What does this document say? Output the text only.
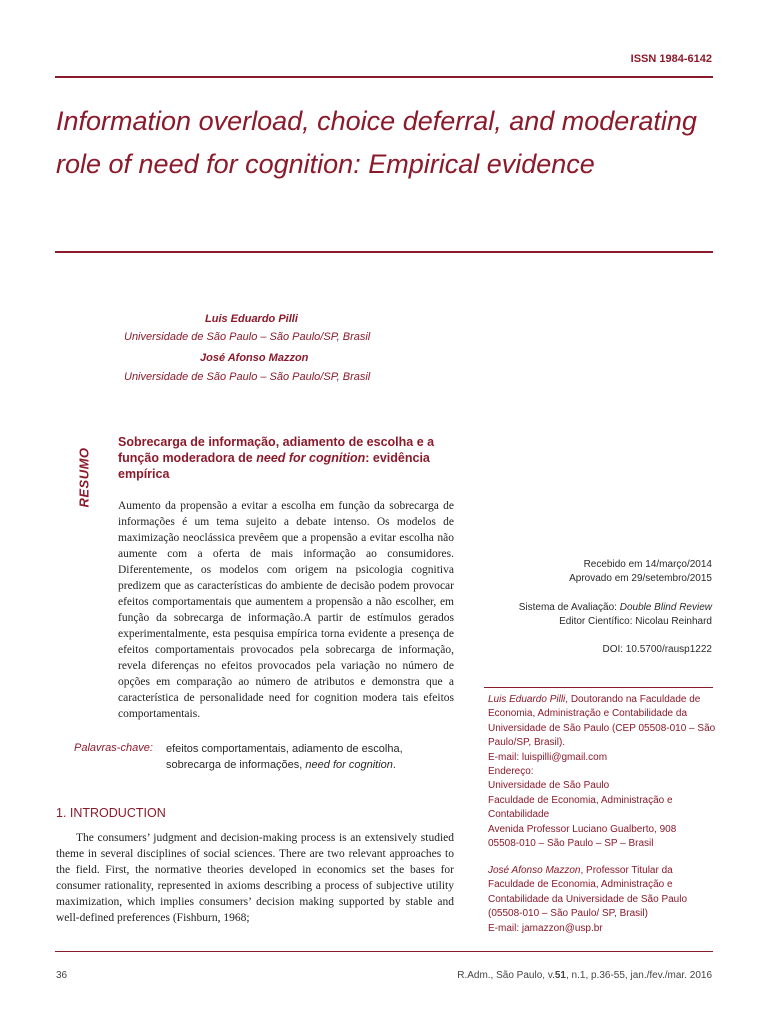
ISSN 1984-6142
Information overload, choice deferral, and moderating role of need for cognition: Empirical evidence
Luis Eduardo Pilli
Universidade de São Paulo – São Paulo/SP, Brasil
José Afonso Mazzon
Universidade de São Paulo – São Paulo/SP, Brasil
RESUMO
Sobrecarga de informação, adiamento de escolha e a função moderadora de need for cognition: evidência empírica
Aumento da propensão a evitar a escolha em função da sobrecarga de informações é um tema sujeito a debate intenso. Os modelos de maximização neoclássica prevêem que a propensão a evitar escolha não aumente com a oferta de mais informação ao consumidores. Diferentemente, os modelos com origem na psicologia cognitiva predizem que as características do ambiente de decisão podem provocar efeitos comportamentais que aumentem a propensão a não escolher, em função da sobrecarga de informação.A partir de estímulos gerados experimentalmente, esta pesquisa empírica torna evidente a presença de efeitos comportamentais provocados pela sobrecarga de informação, revela diferenças no efeitos provocados pela variação no número de opções em comparação ao número de atributos e demonstra que a característica de personalidade need for cognition modera tais efeitos comportamentais.
Palavras-chave: efeitos comportamentais, adiamento de escolha, sobrecarga de informações, need for cognition.
Recebido em 14/março/2014
Aprovado em 29/setembro/2015
Sistema de Avaliação: Double Blind Review
Editor Científico: Nicolau Reinhard
DOI: 10.5700/rausp1222
Luis Eduardo Pilli, Doutorando na Faculdade de Economia, Administração e Contabilidade da Universidade de São Paulo (CEP 05508-010 – São Paulo/SP, Brasil).
E-mail: luispilli@gmail.com
Endereço:
Universidade de São Paulo
Faculdade de Economia, Administração e Contabilidade
Avenida Professor Luciano Gualberto, 908
05508-010 – São Paulo – SP – Brasil
José Afonso Mazzon, Professor Titular da Faculdade de Economia, Administração e Contabilidade da Universidade de São Paulo (05508-010 – São Paulo/ SP, Brasil)
E-mail: jamazzon@usp.br
1. INTRODUCTION

The consumers’ judgment and decision-making process is an extensively studied theme in several disciplines of social sciences. There are two relevant approaches to the field. First, the normative theories developed in economics set the bases for consumer rationality, represented in axioms describing a process of subjective utility maximization, which implies consumers’ decision making supported by stable and well-defined preferences (Fishburn, 1968;

36	R.Adm., São Paulo, v.51, n.1, p.36-55, jan./fev./mar. 2016
